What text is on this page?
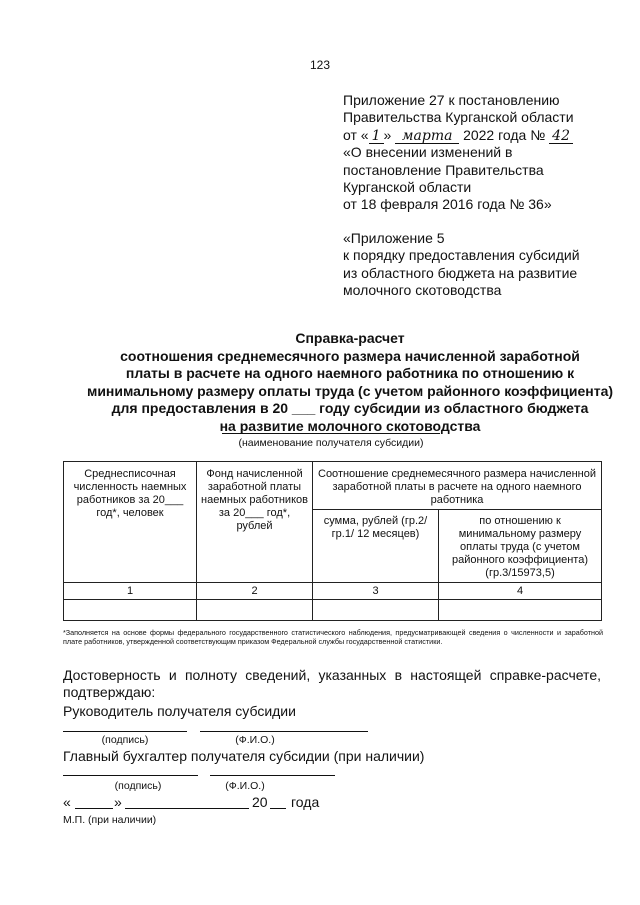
123
Приложение 27 к постановлению
Правительства Курганской области
от « 1 » марта 2022 года № 42
«О внесении изменений в
постановление Правительства
Курганской области
от 18 февраля 2016 года № 36»
«Приложение 5
к порядку предоставления субсидий
из областного бюджета на развитие
молочного скотоводства
Справка-расчет
соотношения среднемесячного размера начисленной заработной
платы в расчете на одного наемного работника по отношению к
минимальному размеру оплаты труда (с учетом районного коэффициента)
для предоставления в 20 ___ году субсидии из областного бюджета
на развитие молочного скотоводства
(наименование получателя субсидии)
Среднесписочная численность наемных работников за 20___ год*, человек	Фонд начисленной заработной платы наемных работников за 20___ год*, рублей	Соотношение среднемесячного размера начисленной заработной платы в расчете на одного наемного работника	
		сумма, рублей (гр.2/гр.1/ 12 месяцев)	по отношению к минимальному размеру оплаты труда (с учетом районного коэффициента) (гр.3/15973,5)
1	2	3	4

*Заполняется на основе формы федерального государственного статистического наблюдения, предусматривающей сведения о численности и заработной плате работников, утвержденной соответствующим приказом Федеральной службы государственной статистики.
Достоверность и полноту сведений, указанных в настоящей справке-расчете, подтверждаю:
Руководитель получателя субсидии
(подпись)	(Ф.И.О.)
Главный бухгалтер получателя субсидии (при наличии)
(подпись)	(Ф.И.О.)
«	»	20 года
М.П. (при наличии)
